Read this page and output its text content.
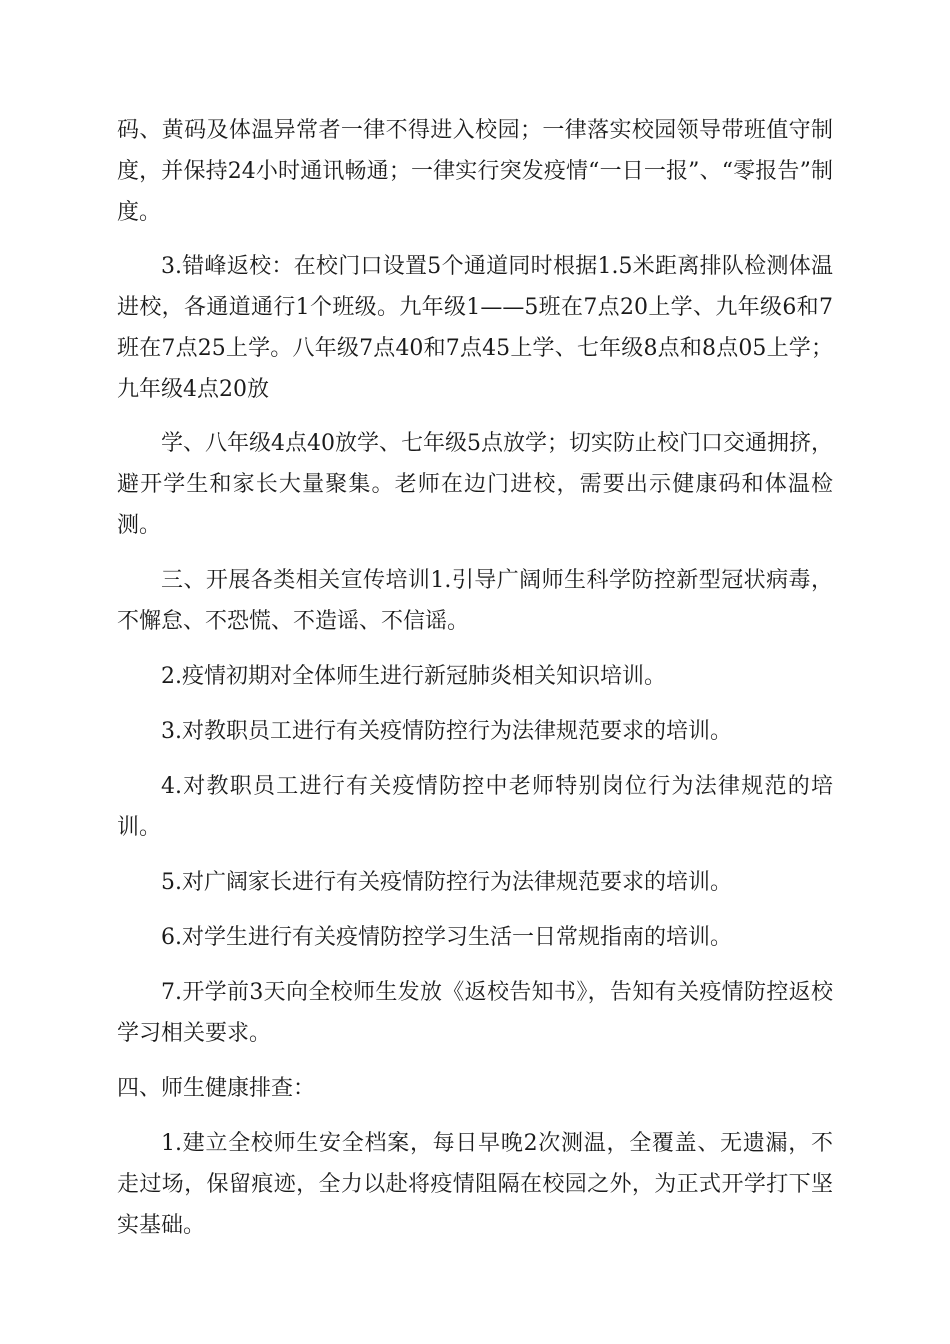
码、黄码及体温异常者一律不得进入校园；一律落实校园领导带班值守制度，并保持24小时通讯畅通；一律实行突发疫情“一日一报”、“零报告”制度。

3.错峰返校：在校门口设置5个通道同时根据1.5米距离排队检测体温进校，各通道通行1个班级。九年级1——5班在7点20上学、九年级6和7班在7点25上学。八年级7点40和7点45上学、七年级8点和8点05上学；九年级4点20放

学、八年级4点40放学、七年级5点放学；切实防止校门口交通拥挤，避开学生和家长大量聚集。老师在边门进校，需要出示健康码和体温检测。

三、开展各类相关宣传培训1.引导广阔师生科学防控新型冠状病毒，不懈怠、不恐慌、不造谣、不信谣。

2.疫情初期对全体师生进行新冠肺炎相关知识培训。

3.对教职员工进行有关疫情防控行为法律规范要求的培训。

4.对教职员工进行有关疫情防控中老师特别岗位行为法律规范的培训。

5.对广阔家长进行有关疫情防控行为法律规范要求的培训。

6.对学生进行有关疫情防控学习生活一日常规指南的培训。

7.开学前3天向全校师生发放《返校告知书》，告知有关疫情防控返校学习相关要求。

四、师生健康排查：

1.建立全校师生安全档案，每日早晚2次测温，全覆盖、无遗漏，不走过场，保留痕迹，全力以赴将疫情阻隔在校园之外，为正式开学打下坚实基础。
